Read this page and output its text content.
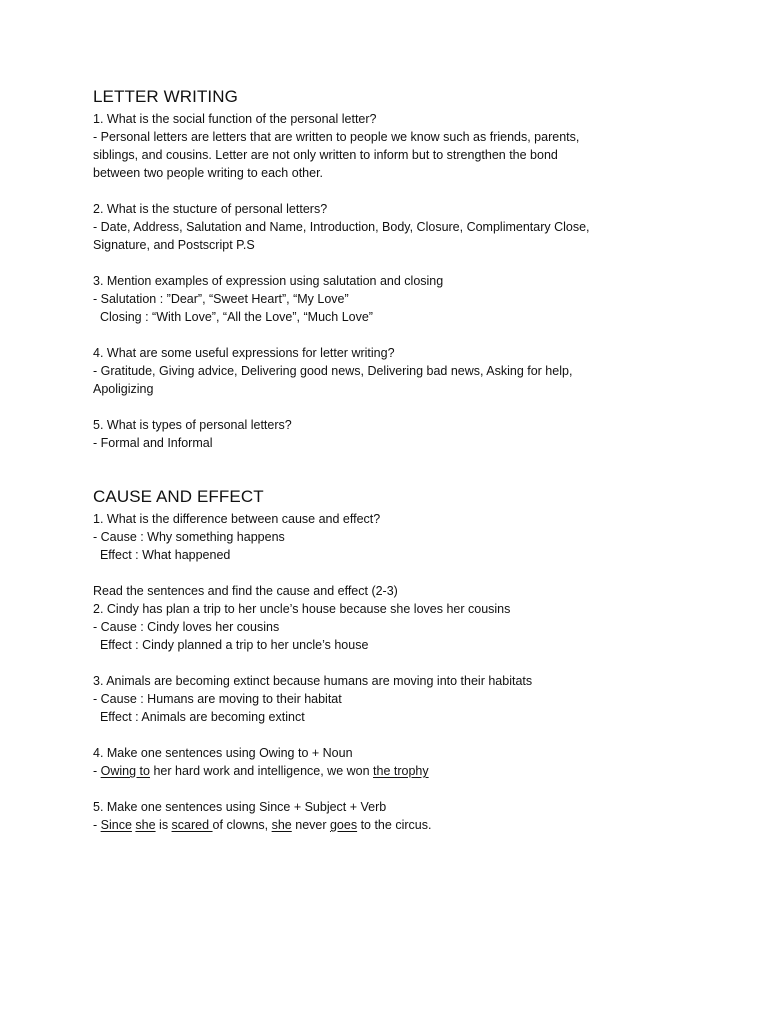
LETTER WRITING
1. What is the social function of the personal letter?
- Personal letters are letters that are written to people we know such as friends, parents,
siblings, and cousins. Letter are not only written to inform but to strengthen the bond
between two people writing to each other.
2. What is the stucture of personal letters?
- Date, Address, Salutation and Name, Introduction, Body, Closure, Complimentary Close,
Signature, and Postscript P.S
3. Mention examples of expression using salutation and closing
- Salutation : ”Dear”, “Sweet Heart”, “My Love”
Closing : “With Love”, “All the Love”, “Much Love”
4. What are some useful expressions for letter writing?
- Gratitude, Giving advice, Delivering good news, Delivering bad news, Asking for help,
Apoligizing
5. What is types of personal letters?
- Formal and Informal
CAUSE AND EFFECT
1. What is the difference between cause and effect?
- Cause : Why something happens
Effect : What happened
Read the sentences and find the cause and effect (2-3)
2. Cindy has plan a trip to her uncle’s house because she loves her cousins
- Cause : Cindy loves her cousins
Effect : Cindy planned a trip to her uncle’s house
3. Animals are becoming extinct because humans are moving into their habitats
- Cause : Humans are moving to their habitat
Effect : Animals are becoming extinct
4. Make one sentences using Owing to + Noun
- Owing to her hard work and intelligence, we won the trophy
5. Make one sentences using Since + Subject + Verb
- Since she is scared of clowns, she never goes to the circus.
